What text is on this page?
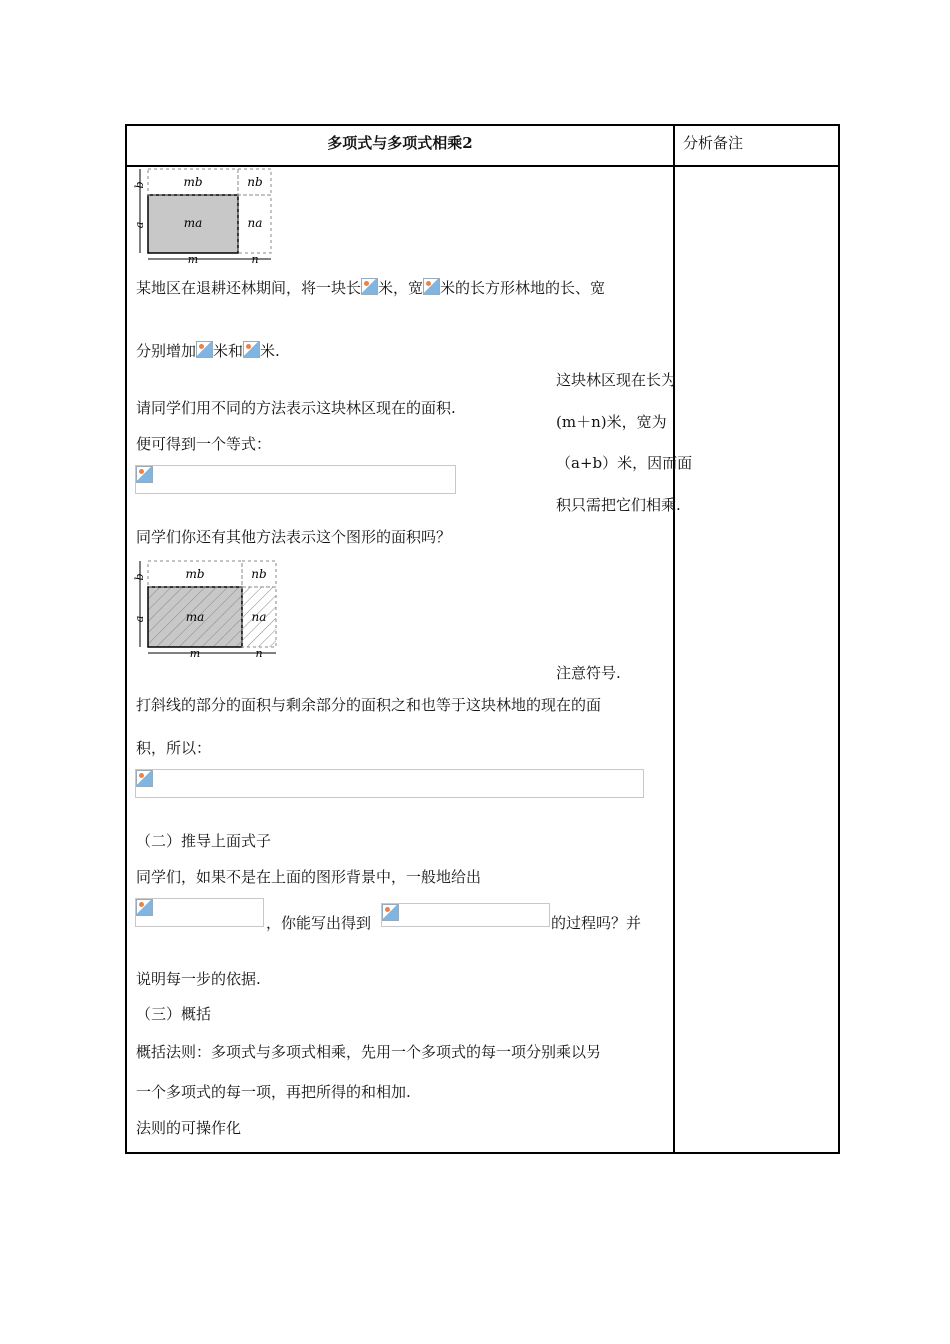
多项式与多项式相乘2	分析备注
mb	nb
ma	na
b
a
m	n
某地区在退耕还林期间，将一块长 米，宽 米的长方形林地的长、宽
分别增加 米和 米.
请同学们用不同的方法表示这块林区现在的面积.
便可得到一个等式：
同学们你还有其他方法表示这个图形的面积吗？
mb	nb
ma	na
b
a
m	n
打斜线的部分的面积与剩余部分的面积之和也等于这块林地的现在的面
积，所以：
（二）推导上面式子
同学们，如果不是在上面的图形背景中，一般地给出
，你能写出得到	的过程吗？并
说明每一步的依据.
（三）概括
概括法则：多项式与多项式相乘，先用一个多项式的每一项分别乘以另
一个多项式的每一项，再把所得的和相加.
法则的可操作化
这块林区现在长为
(m＋n)米，宽为
（a+b）米，因而面
积只需把它们相乘.
注意符号.
